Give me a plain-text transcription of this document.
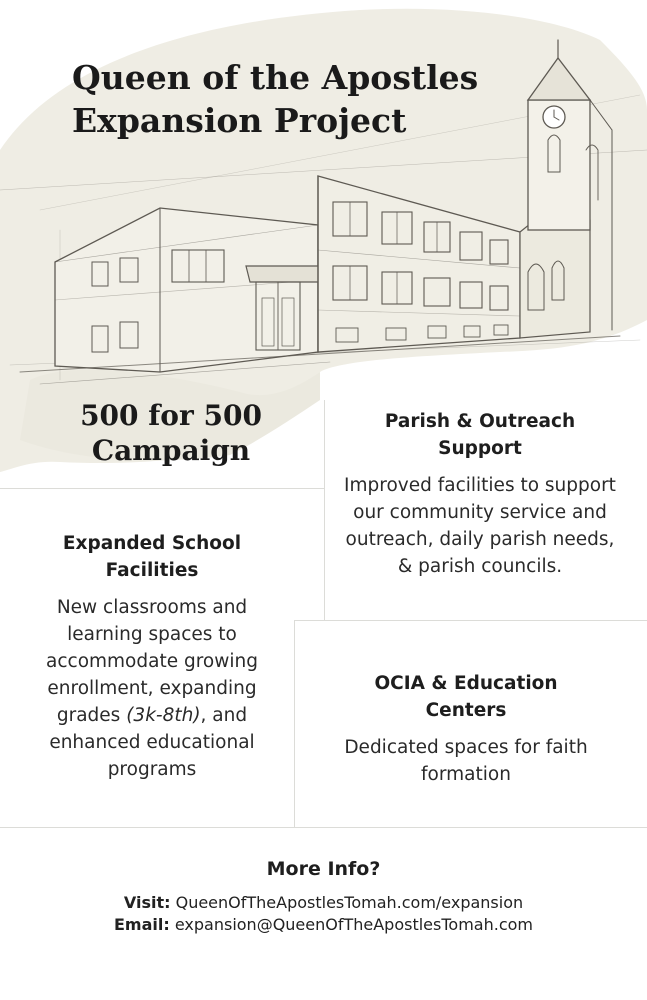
Queen of the Apostles
Expansion Project
500 for 500
Campaign
Parish & Outreach
Support

Improved facilities to support our community service and outreach, daily parish needs, & parish councils.

Expanded School
Facilities

New classrooms and learning spaces to accommodate growing enrollment, expanding grades (3k-8th), and enhanced educational programs

OCIA & Education
Centers

Dedicated spaces for faith formation

More Info?
Visit: QueenOfTheApostlesTomah.com/expansion
Email: expansion@QueenOfTheApostlesTomah.com
